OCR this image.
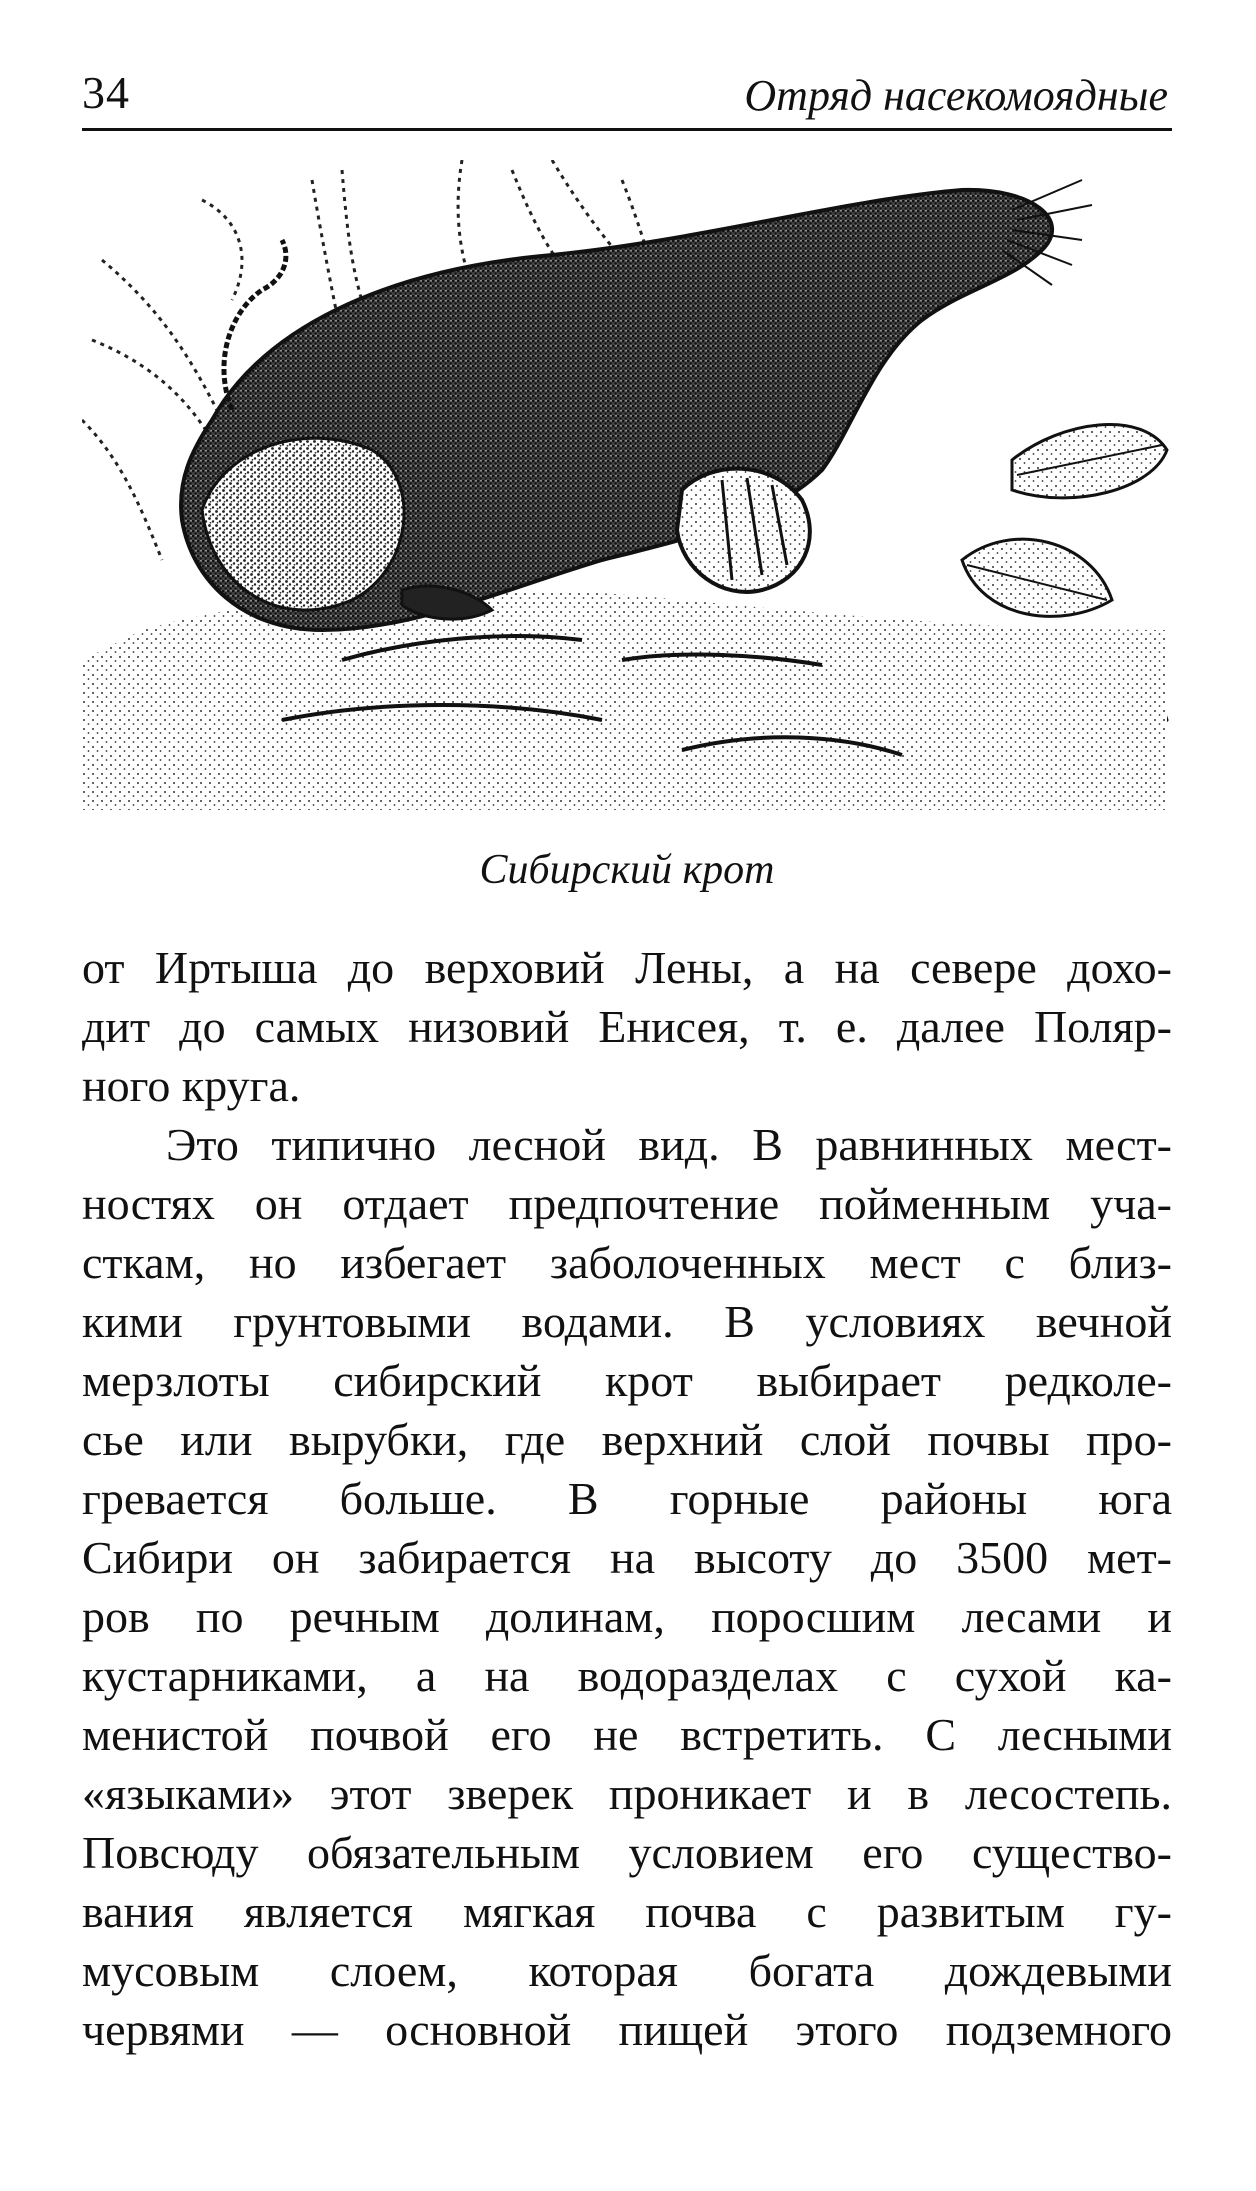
34	Отряд насекомоядные
Сибирский крот
от Иртыша до верховий Лены, а на севере дохо-
дит до самых низовий Енисея, т. е. далее Поляр-
ного круга.
Это типично лесной вид. В равнинных мест-
ностях он отдает предпочтение пойменным уча-
сткам, но избегает заболоченных мест с близ-
кими грунтовыми водами. В условиях вечной
мерзлоты сибирский крот выбирает редколе-
сье или вырубки, где верхний слой почвы про-
гревается больше. В горные районы юга
Сибири он забирается на высоту до 3500 мет-
ров по речным долинам, поросшим лесами и
кустарниками, а на водоразделах с сухой ка-
менистой почвой его не встретить. С лесными
«языками» этот зверек проникает и в лесостепь.
Повсюду обязательным условием его существо-
вания является мягкая почва с развитым гу-
мусовым слоем, которая богата дождевыми
червями — основной пищей этого подземного
